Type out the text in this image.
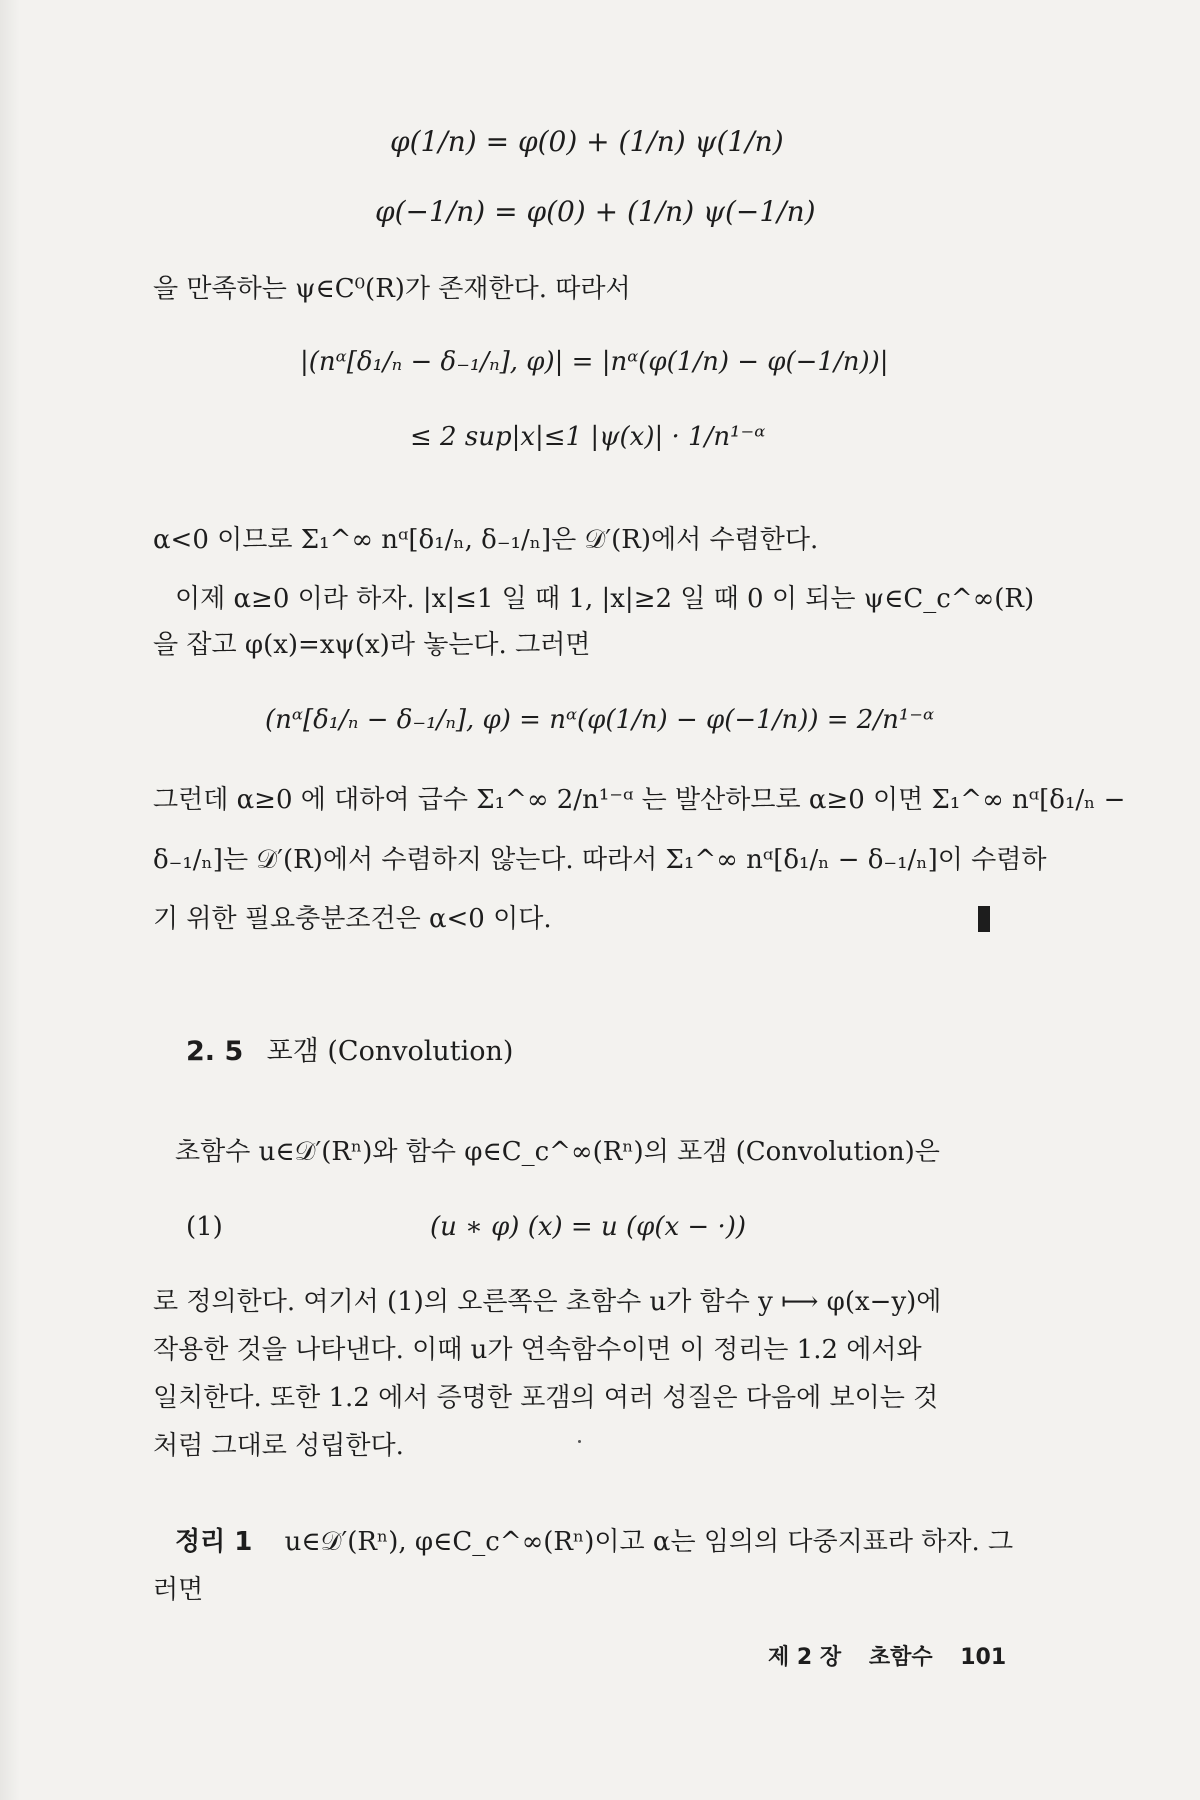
φ(1/n) = φ(0) + (1/n) ψ(1/n)
φ(−1/n) = φ(0) + (1/n) ψ(−1/n)
을 만족하는 ψ∈C⁰(R)가 존재한다. 따라서
|(nᵅ[δ₁/ₙ − δ₋₁/ₙ], φ)| = |nᵅ(φ(1/n) − φ(−1/n))|
≤ 2 sup|x|≤1 |ψ(x)| · 1/n¹⁻ᵅ
α<0 이므로 Σ₁^∞ nᵅ[δ₁/ₙ, δ₋₁/ₙ]은 𝒟′(R)에서 수렴한다.
이제 α≥0 이라 하자. |x|≤1 일 때 1, |x|≥2 일 때 0 이 되는 ψ∈C_c^∞(R)
을 잡고 φ(x)=xψ(x)라 놓는다. 그러면
(nᵅ[δ₁/ₙ − δ₋₁/ₙ], φ) = nᵅ(φ(1/n) − φ(−1/n)) = 2/n¹⁻ᵅ
그런데 α≥0 에 대하여 급수 Σ₁^∞ 2/n¹⁻ᵅ 는 발산하므로 α≥0 이면 Σ₁^∞ nᵅ[δ₁/ₙ −
δ₋₁/ₙ]는 𝒟′(R)에서 수렴하지 않는다. 따라서 Σ₁^∞ nᵅ[δ₁/ₙ − δ₋₁/ₙ]이 수렴하
기 위한 필요충분조건은 α<0 이다.
2. 5 포갬 (Convolution)
초함수 u∈𝒟′(Rⁿ)와 함수 φ∈C_c^∞(Rⁿ)의 포갬 (Convolution)은
(1)	(u ∗ φ) (x) = u (φ(x − ·))
로 정의한다. 여기서 (1)의 오른쪽은 초함수 u가 함수 y ⟼ φ(x−y)에
작용한 것을 나타낸다. 이때 u가 연속함수이면 이 정리는 1.2 에서와
일치한다. 또한 1.2 에서 증명한 포갬의 여러 성질은 다음에 보이는 것
처럼 그대로 성립한다.
정리 1 u∈𝒟′(Rⁿ), φ∈C_c^∞(Rⁿ)이고 α는 임의의 다중지표라 하자. 그
러면
제 2 장 초함수 101
